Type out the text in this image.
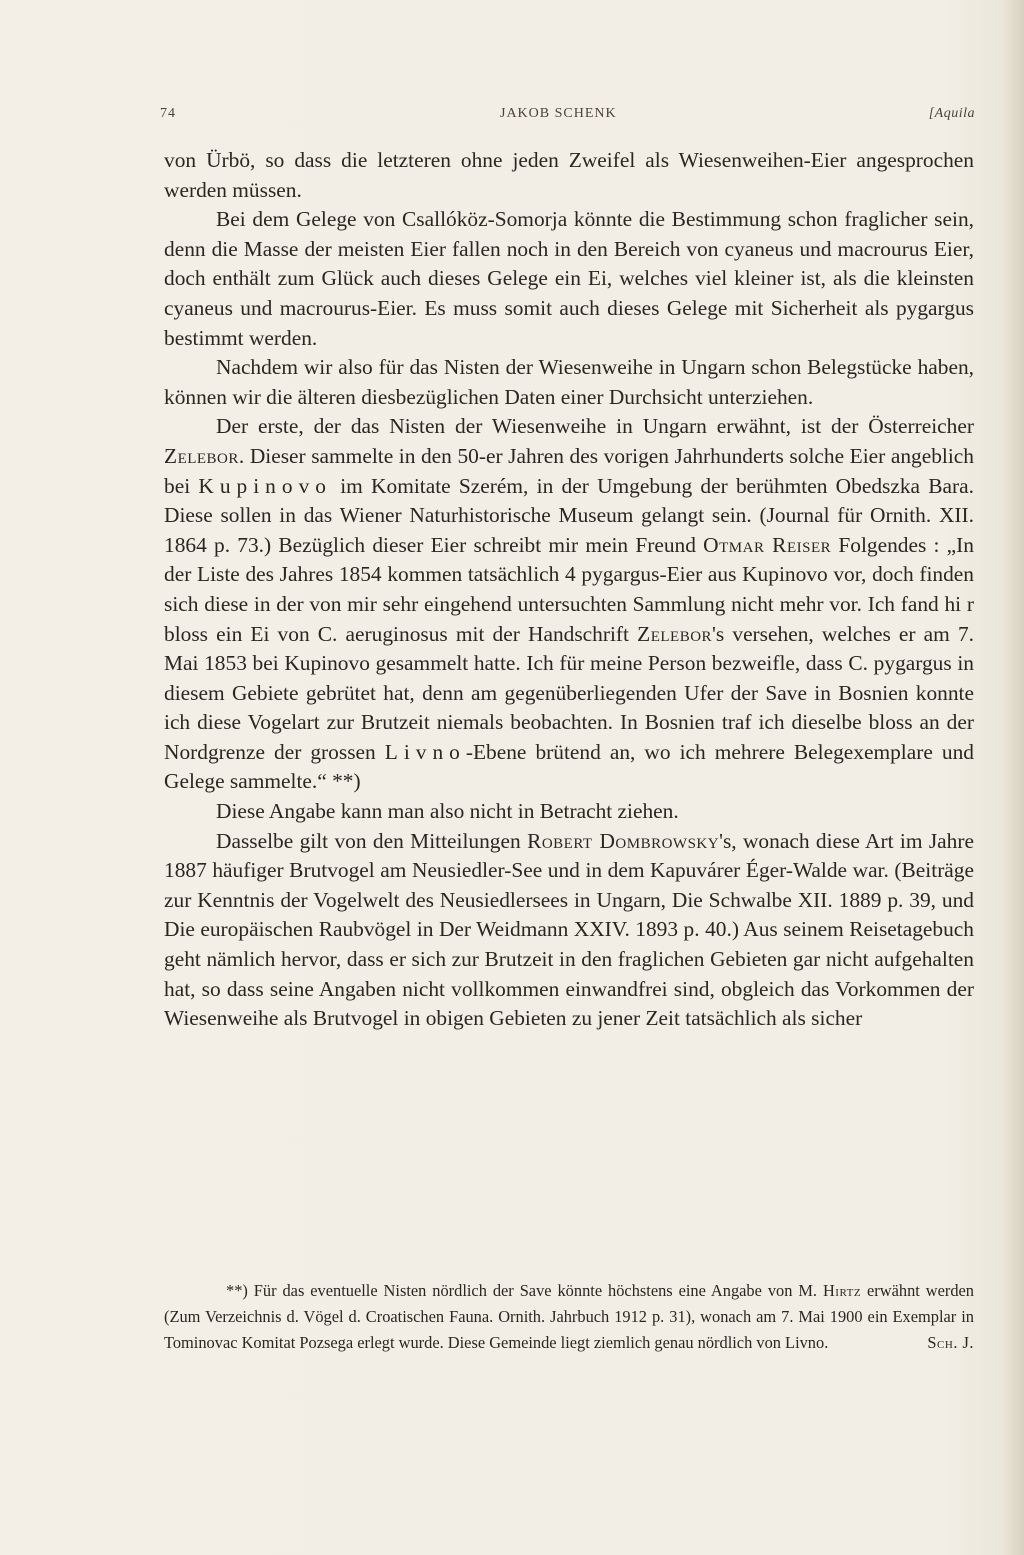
74	JAKOB SCHENK	[Aquila

von Ürbö, so dass die letzteren ohne jeden Zweifel als Wiesenweihen-Eier angesprochen werden müssen.

Bei dem Gelege von Csallóköz-Somorja könnte die Bestimmung schon fraglicher sein, denn die Masse der meisten Eier fallen noch in den Bereich von cyaneus und macrourus Eier, doch enthält zum Glück auch dieses Gelege ein Ei, welches viel kleiner ist, als die kleinsten cyaneus und macrourus-Eier. Es muss somit auch dieses Gelege mit Sicherheit als pygargus bestimmt werden.

Nachdem wir also für das Nisten der Wiesenweihe in Ungarn schon Belegstücke haben, können wir die älteren diesbezüglichen Daten einer Durchsicht unterziehen.

Der erste, der das Nisten der Wiesenweihe in Ungarn erwähnt, ist der Österreicher Zelebor. Dieser sammelte in den 50-er Jahren des vorigen Jahrhunderts solche Eier angeblich bei Kupinovo im Komitate Szerém, in der Umgebung der berühmten Obedszka Bara. Diese sollen in das Wiener Naturhistorische Museum gelangt sein. (Journal für Ornith. XII. 1864 p. 73.) Bezüglich dieser Eier schreibt mir mein Freund Otmar Reiser Folgendes : „In der Liste des Jahres 1854 kommen tatsächlich 4 pygargus-Eier aus Kupinovo vor, doch finden sich diese in der von mir sehr eingehend untersuchten Sammlung nicht mehr vor. Ich fand hi r bloss ein Ei von C. aeruginosus mit der Handschrift Zelebor's versehen, welches er am 7. Mai 1853 bei Kupinovo gesammelt hatte. Ich für meine Person bezweifle, dass C. pygargus in diesem Gebiete gebrütet hat, denn am gegenüberliegenden Ufer der Save in Bosnien konnte ich diese Vogelart zur Brutzeit niemals beobachten. In Bosnien traf ich dieselbe bloss an der Nordgrenze der grossen Livno-Ebene brütend an, wo ich mehrere Belegexemplare und Gelege sammelte.“ **)

Diese Angabe kann man also nicht in Betracht ziehen.

Dasselbe gilt von den Mitteilungen Robert Dombrowsky's, wonach diese Art im Jahre 1887 häufiger Brutvogel am Neusiedler-See und in dem Kapuvárer Éger-Walde war. (Beiträge zur Kenntnis der Vogelwelt des Neusiedlersees in Ungarn, Die Schwalbe XII. 1889 p. 39, und Die europäischen Raubvögel in Der Weidmann XXIV. 1893 p. 40.) Aus seinem Reisetagebuch geht nämlich hervor, dass er sich zur Brutzeit in den fraglichen Gebieten gar nicht aufgehalten hat, so dass seine Angaben nicht vollkommen einwandfrei sind, obgleich das Vorkommen der Wiesenweihe als Brutvogel in obigen Gebieten zu jener Zeit tatsächlich als sicher

**) Für das eventuelle Nisten nördlich der Save könnte höchstens eine Angabe von M. Hirtz erwähnt werden (Zum Verzeichnis d. Vögel d. Croatischen Fauna. Ornith. Jahrbuch 1912 p. 31), wonach am 7. Mai 1900 ein Exemplar in Tominovac Komitat Pozsega erlegt wurde. Diese Gemeinde liegt ziemlich genau nördlich von Livno.	Sch. J.
